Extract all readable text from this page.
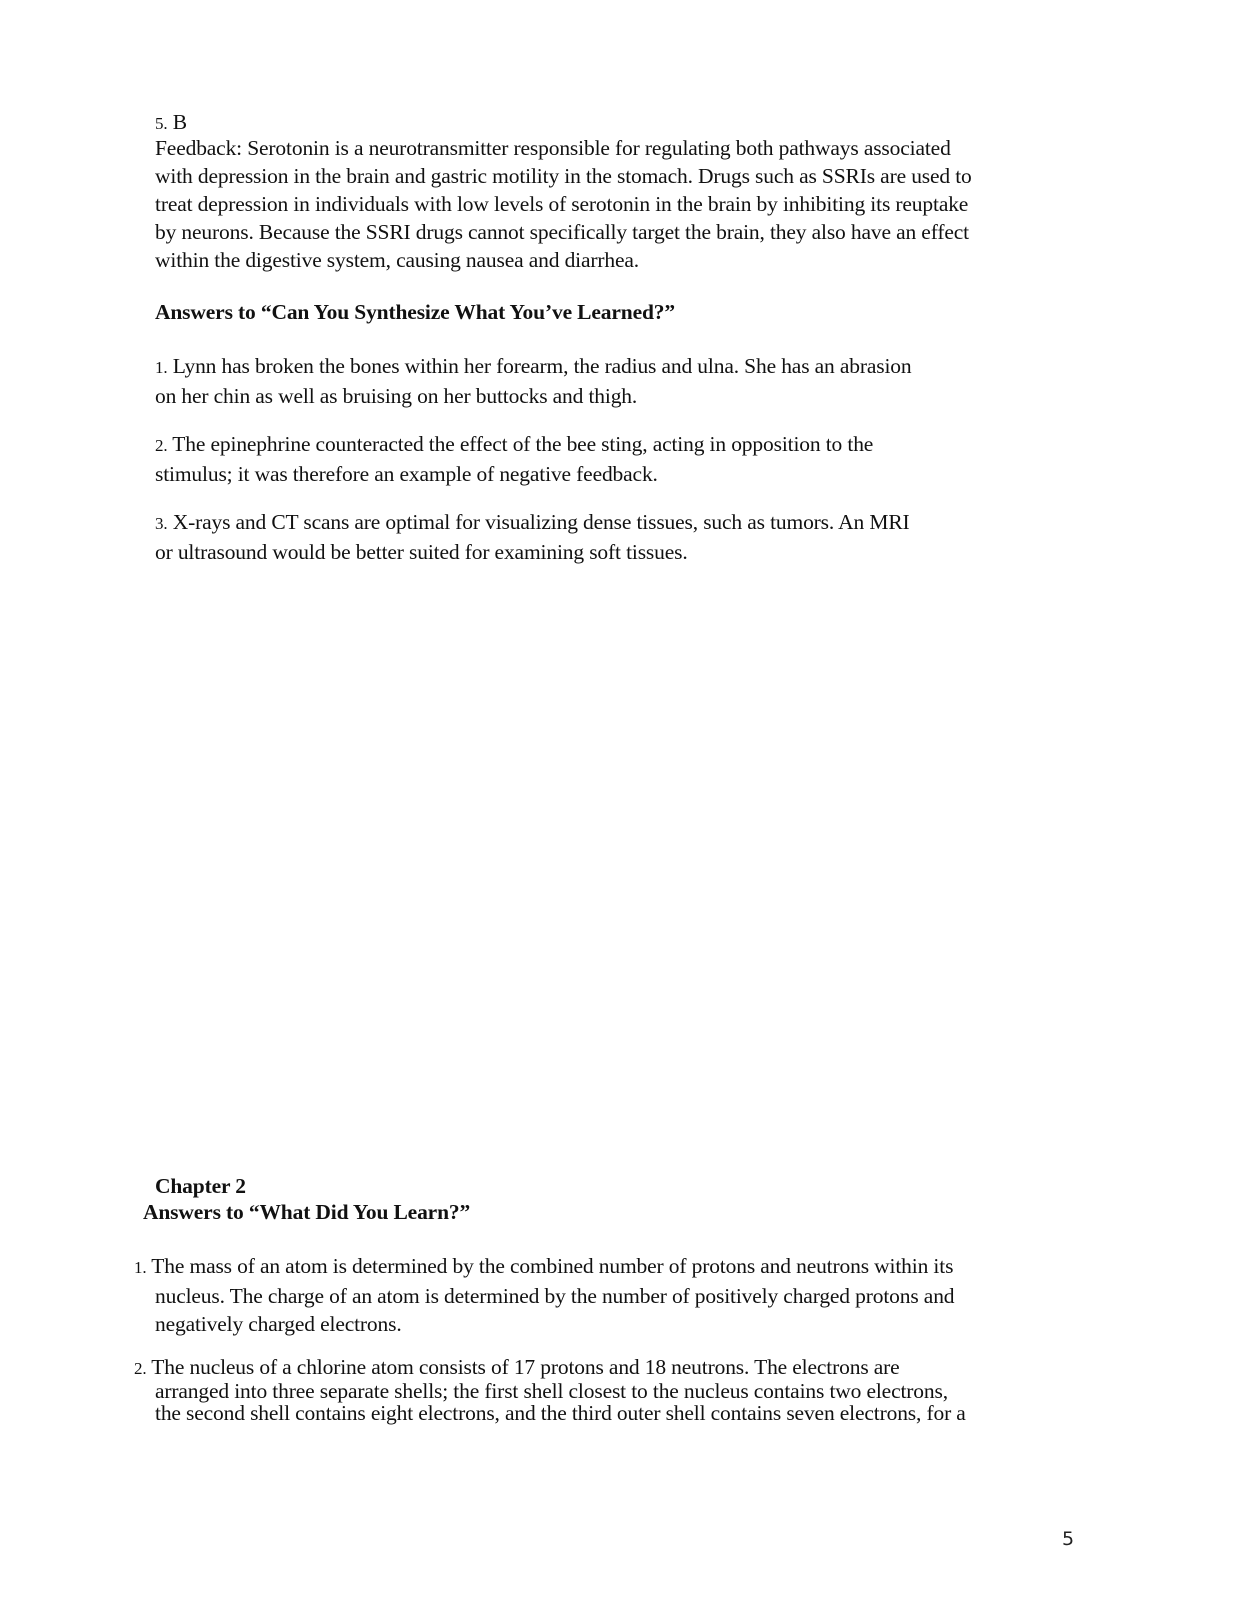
5. B
Feedback: Serotonin is a neurotransmitter responsible for regulating both pathways associated
with depression in the brain and gastric motility in the stomach. Drugs such as SSRIs are used to
treat depression in individuals with low levels of serotonin in the brain by inhibiting its reuptake
by neurons. Because the SSRI drugs cannot specifically target the brain, they also have an effect
within the digestive system, causing nausea and diarrhea.
Answers to “Can You Synthesize What You’ve Learned?”
1. Lynn has broken the bones within her forearm, the radius and ulna. She has an abrasion
on her chin as well as bruising on her buttocks and thigh.
2. The epinephrine counteracted the effect of the bee sting, acting in opposition to the
stimulus; it was therefore an example of negative feedback.
3. X-rays and CT scans are optimal for visualizing dense tissues, such as tumors. An MRI
or ultrasound would be better suited for examining soft tissues.
Chapter 2
Answers to “What Did You Learn?”
1. The mass of an atom is determined by the combined number of protons and neutrons within its
nucleus. The charge of an atom is determined by the number of positively charged protons and
negatively charged electrons.
2. The nucleus of a chlorine atom consists of 17 protons and 18 neutrons. The electrons are
arranged into three separate shells; the first shell closest to the nucleus contains two electrons,
the second shell contains eight electrons, and the third outer shell contains seven electrons, for a
5
